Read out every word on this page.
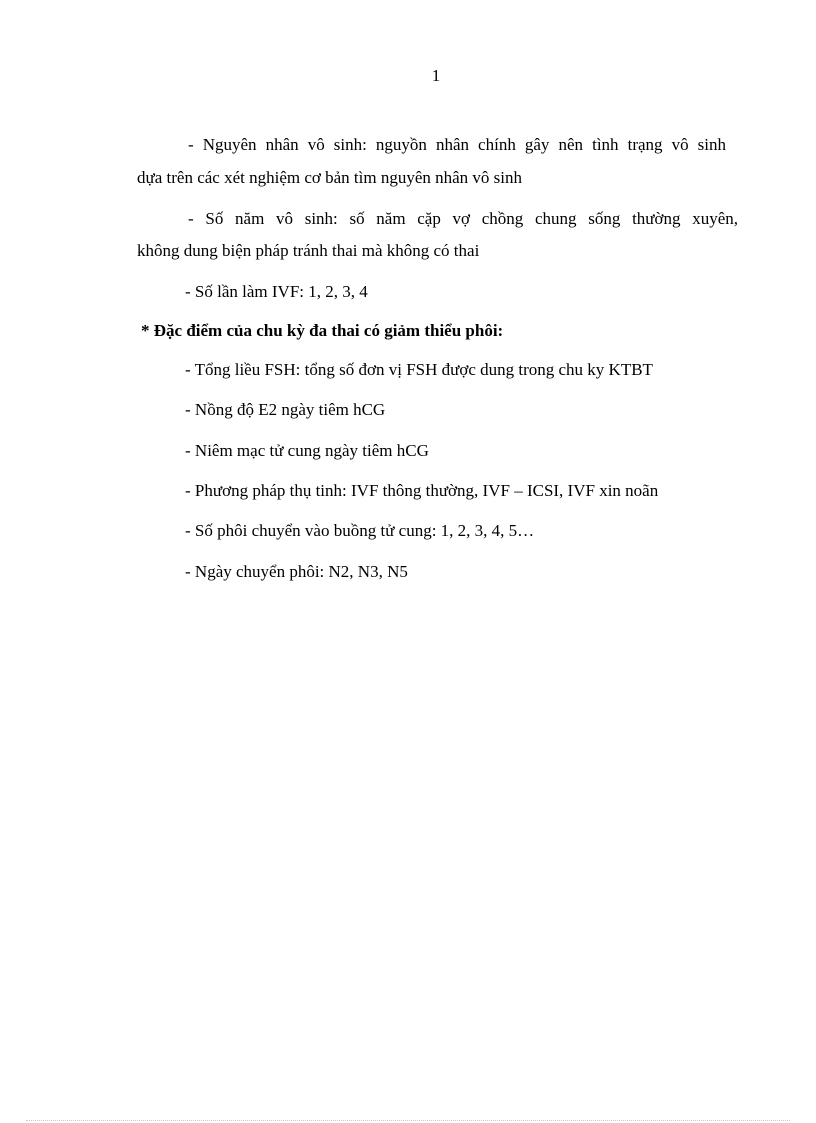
1
- Nguyên nhân vô sinh: nguyồn nhân chính gây nên tình trạng vô sinh
dựa trên các xét nghiệm cơ bản tìm nguyên nhân vô sinh
- Số năm vô sinh: số năm cặp vợ chồng chung sống thường xuyên,
không dung biện pháp tránh thai mà không có thai
- Số lần làm IVF: 1, 2, 3, 4
* Đặc điểm của chu kỳ đa thai có giảm thiểu phôi:
- Tổng liều FSH: tổng số đơn vị FSH được dung trong chu ky KTBT
- Nồng độ E2 ngày tiêm hCG
- Niêm mạc tử cung ngày tiêm hCG
- Phương pháp thụ tinh: IVF thông thường, IVF – ICSI, IVF xin noãn
- Số phôi chuyển vào buồng tử cung: 1, 2, 3, 4, 5…
- Ngày chuyển phôi: N2, N3, N5
